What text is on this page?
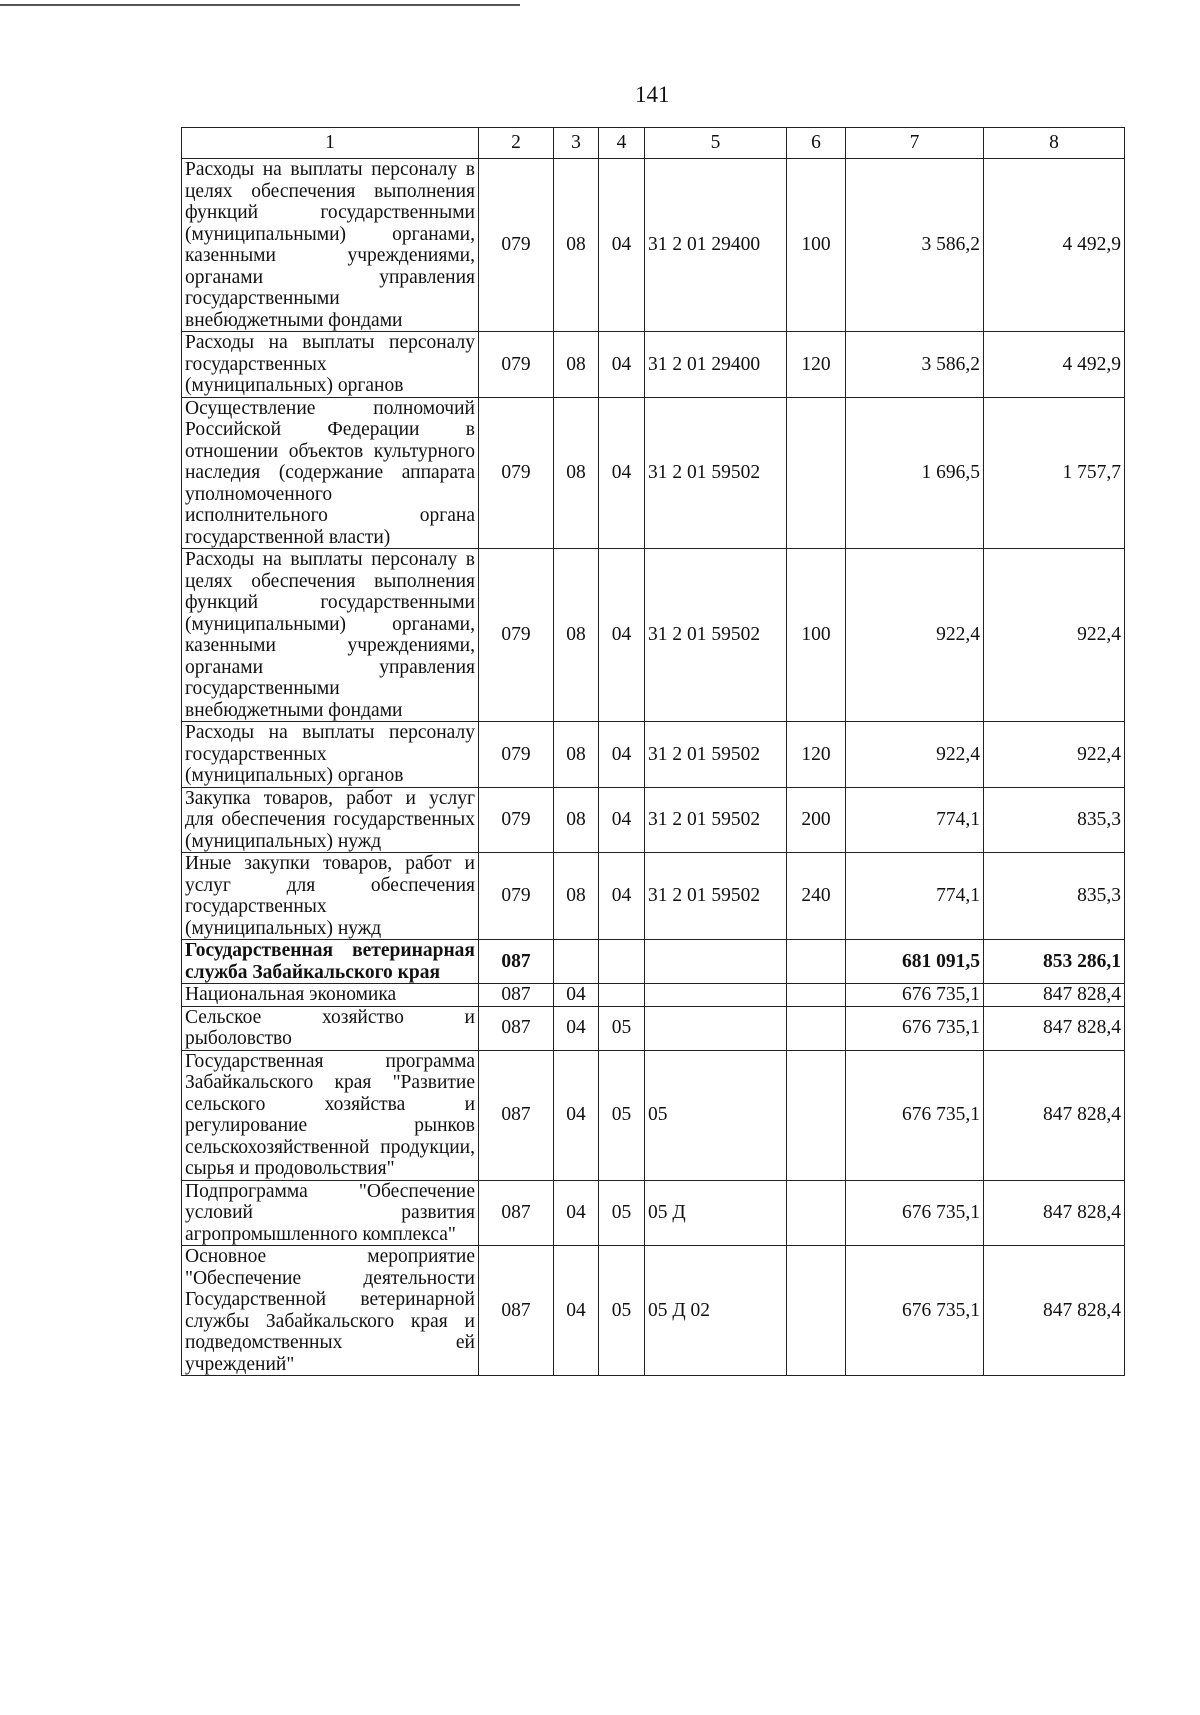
141
1	2	3	4	5	6	7	8
Расходы на выплаты персоналу в целях обеспечения выполнения функций государственными (муниципальными) органами, казенными учреждениями, органами управления государственными внебюджетными фондами	079	08	04	31 2 01 29400	100	3 586,2	4 492,9
Расходы на выплаты персоналу государственных (муниципальных) органов	079	08	04	31 2 01 29400	120	3 586,2	4 492,9
Осуществление полномочий Российской Федерации в отношении объектов культурного наследия (содержание аппарата уполномоченного исполнительного органа государственной власти)	079	08	04	31 2 01 59502		1 696,5	1 757,7
Расходы на выплаты персоналу в целях обеспечения выполнения функций государственными (муниципальными) органами, казенными учреждениями, органами управления государственными внебюджетными фондами	079	08	04	31 2 01 59502	100	922,4	922,4
Расходы на выплаты персоналу государственных (муниципальных) органов	079	08	04	31 2 01 59502	120	922,4	922,4
Закупка товаров, работ и услуг для обеспечения государственных (муниципальных) нужд	079	08	04	31 2 01 59502	200	774,1	835,3
Иные закупки товаров, работ и услуг для обеспечения государственных (муниципальных) нужд	079	08	04	31 2 01 59502	240	774,1	835,3
Государственная ветеринарная служба Забайкальского края	087					681 091,5	853 286,1
Национальная экономика	087	04				676 735,1	847 828,4
Сельское хозяйство и рыболовство	087	04	05			676 735,1	847 828,4
Государственная программа Забайкальского края "Развитие сельского хозяйства и регулирование рынков сельскохозяйственной продукции, сырья и продовольствия"	087	04	05	05		676 735,1	847 828,4
Подпрограмма "Обеспечение условий развития агропромышленного комплекса"	087	04	05	05 Д		676 735,1	847 828,4
Основное мероприятие "Обеспечение деятельности Государственной ветеринарной службы Забайкальского края и подведомственных ей учреждений"	087	04	05	05 Д 02		676 735,1	847 828,4
